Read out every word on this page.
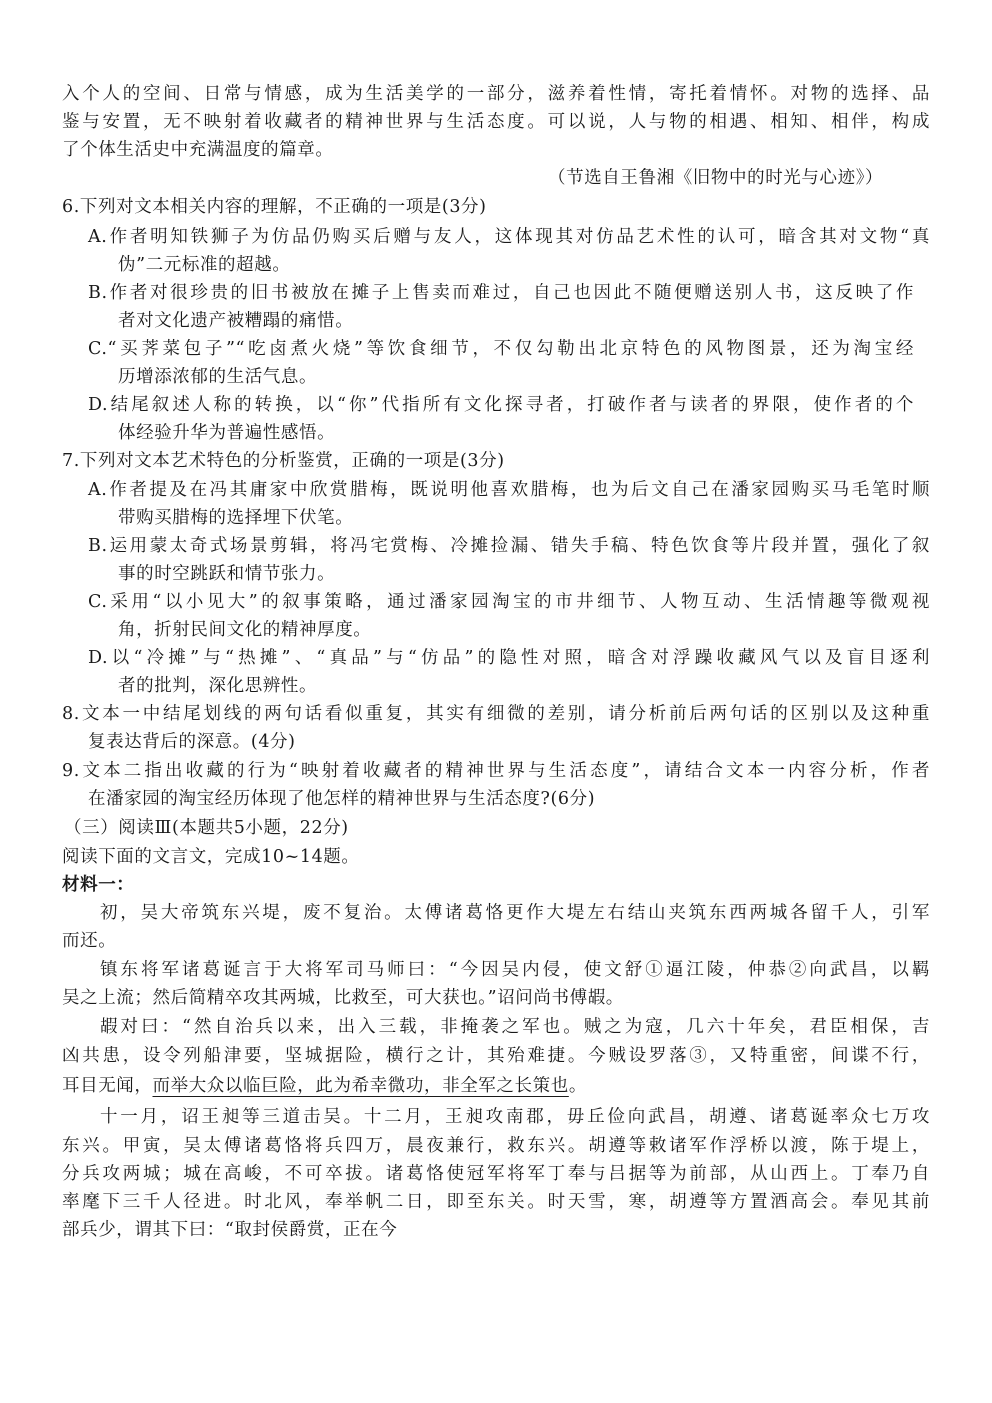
入个人的空间、日常与情感，成为生活美学的一部分，滋养着性情，寄托着情怀。对物的选择、品
鉴与安置，无不映射着收藏者的精神世界与生活态度。可以说，人与物的相遇、相知、相伴，构成
了个体生活史中充满温度的篇章。
（节选自王鲁湘《旧物中的时光与心迹》）
6.下列对文本相关内容的理解，不正确的一项是(3分)
A.作者明知铁狮子为仿品仍购买后赠与友人，这体现其对仿品艺术性的认可，暗含其对文物“真
伪”二元标准的超越。
B.作者对很珍贵的旧书被放在摊子上售卖而难过，自己也因此不随便赠送别人书，这反映了作
者对文化遗产被糟蹋的痛惜。
C.“买荠菜包子”“吃卤煮火烧”等饮食细节，不仅勾勒出北京特色的风物图景，还为淘宝经
历增添浓郁的生活气息。
D.结尾叙述人称的转换，以“你”代指所有文化探寻者，打破作者与读者的界限，使作者的个
体经验升华为普遍性感悟。
7.下列对文本艺术特色的分析鉴赏，正确的一项是(3分)
A.作者提及在冯其庸家中欣赏腊梅，既说明他喜欢腊梅，也为后文自己在潘家园购买马毛笔时顺
带购买腊梅的选择埋下伏笔。
B.运用蒙太奇式场景剪辑，将冯宅赏梅、冷摊捡漏、错失手稿、特色饮食等片段并置，强化了叙
事的时空跳跃和情节张力。
C.采用“以小见大”的叙事策略，通过潘家园淘宝的市井细节、人物互动、生活情趣等微观视
角，折射民间文化的精神厚度。
D.以“冷摊”与“热摊”、“真品”与“仿品”的隐性对照，暗含对浮躁收藏风气以及盲目逐利
者的批判，深化思辨性。
8.文本一中结尾划线的两句话看似重复，其实有细微的差别，请分析前后两句话的区别以及这种重
复表达背后的深意。(4分)
9.文本二指出收藏的行为“映射着收藏者的精神世界与生活态度”，请结合文本一内容分析，作者
在潘家园的淘宝经历体现了他怎样的精神世界与生活态度?(6分)
（三）阅读Ⅲ(本题共5小题，22分)
阅读下面的文言文，完成10~14题。
材料一：
初，吴大帝筑东兴堤，废不复治。太傅诸葛恪更作大堤左右结山夹筑东西两城各留千人，引军
而还。
镇东将军诸葛诞言于大将军司马师曰：“今因吴内侵，使文舒①逼江陵，仲恭②向武昌，以羁
吴之上流；然后简精卒攻其两城，比救至，可大获也。”诏问尚书傅嘏。
嘏对曰：“然自治兵以来，出入三载，非掩袭之军也。贼之为寇，几六十年矣，君臣相保，吉
凶共患，设令列船津要，坚城据险，横行之计，其殆难捷。今贼设罗落③，又特重密，间谍不行，
耳目无闻，而举大众以临巨险，此为希幸微功，非全军之长策也。
十一月，诏王昶等三道击吴。十二月，王昶攻南郡，毋丘俭向武昌，胡遵、诸葛诞率众七万攻
东兴。甲寅，吴太傅诸葛恪将兵四万，晨夜兼行，救东兴。胡遵等敕诸军作浮桥以渡，陈于堤上，
分兵攻两城；城在高峻，不可卒拔。诸葛恪使冠军将军丁奉与吕据等为前部，从山西上。丁奉乃自
率麾下三千人径进。时北风，奉举帆二日，即至东关。时天雪，寒，胡遵等方置酒高会。奉见其前
部兵少，谓其下曰：“取封侯爵赏，正在今
